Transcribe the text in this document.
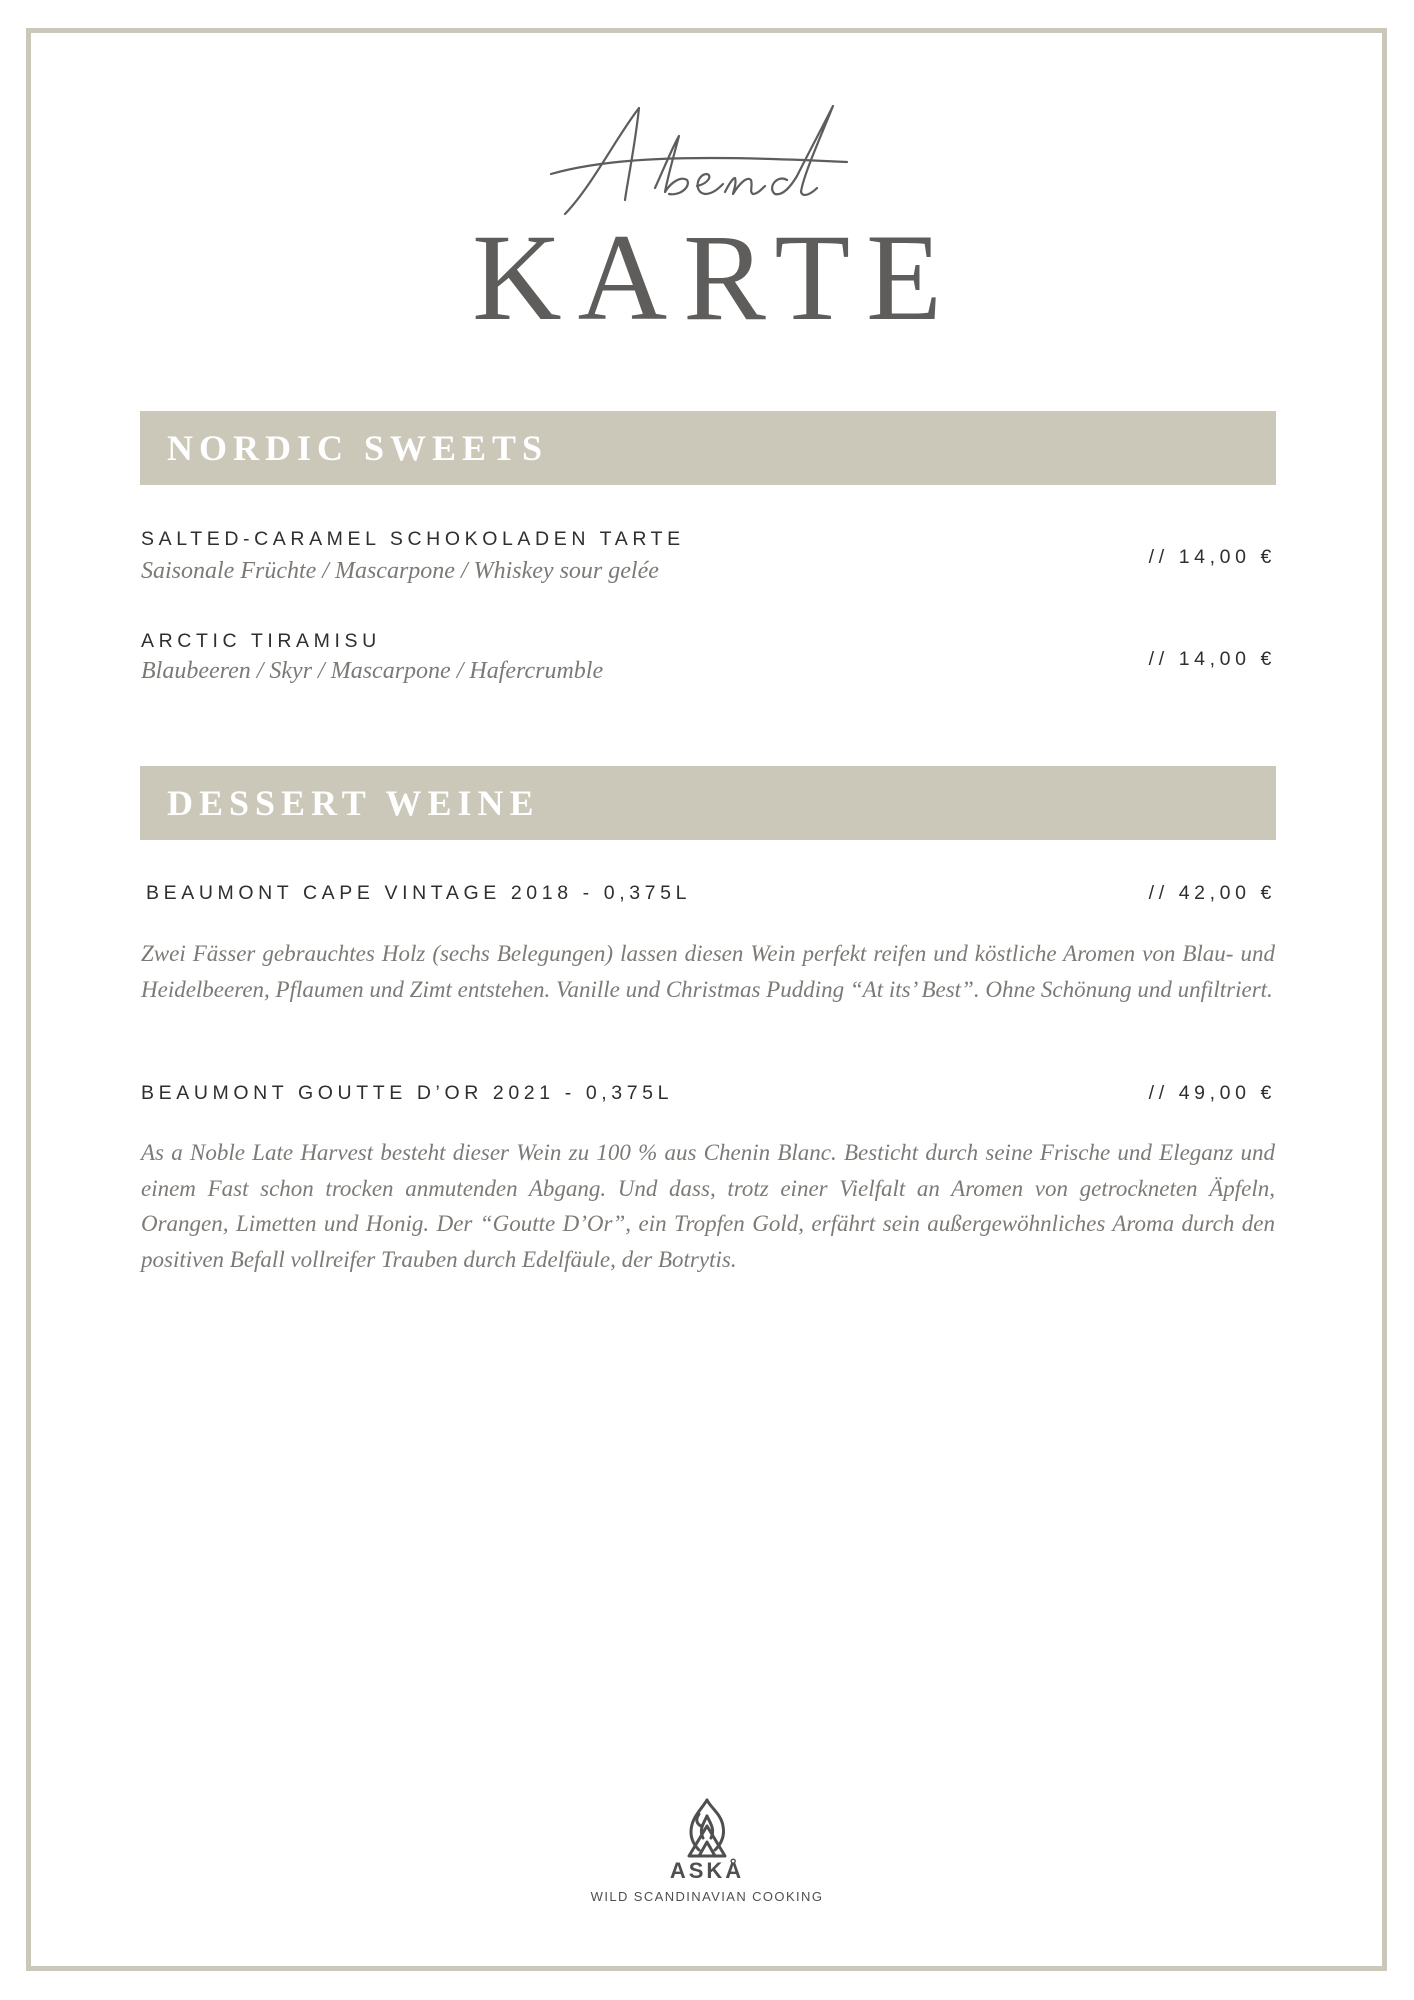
KARTE
NORDIC SWEETS
SALTED-CARAMEL SCHOKOLADEN TARTE
Saisonale Früchte / Mascarpone / Whiskey sour gelée
// 14,00 €
ARCTIC TIRAMISU
Blaubeeren / Skyr / Mascarpone / Hafercrumble	// 14,00 €
DESSERT WEINE
BEAUMONT CAPE VINTAGE 2018 - 0,375L	// 42,00 €
Zwei Fässer gebrauchtes Holz (sechs Belegungen) lassen diesen Wein perfekt reifen und köstliche Aromen von Blau- und Heidelbeeren, Pflaumen und Zimt entstehen. Vanille und Christmas Pudding “At its’ Best”. Ohne Schönung und unfiltriert.
BEAUMONT GOUTTE D’OR 2021 - 0,375L	// 49,00 €
As a Noble Late Harvest besteht dieser Wein zu 100 % aus Chenin Blanc. Besticht durch seine Frische und Eleganz und einem Fast schon trocken anmutenden Abgang. Und dass, trotz einer Vielfalt an Aromen von getrockneten Äpfeln, Orangen, Limetten und Honig. Der “Goutte D’Or”, ein Tropfen Gold, erfährt sein außergewöhnliches Aroma durch den positiven Befall vollreifer Trauben durch Edelfäule, der Botrytis.
ASKÅ
WILD SCANDINAVIAN COOKING
